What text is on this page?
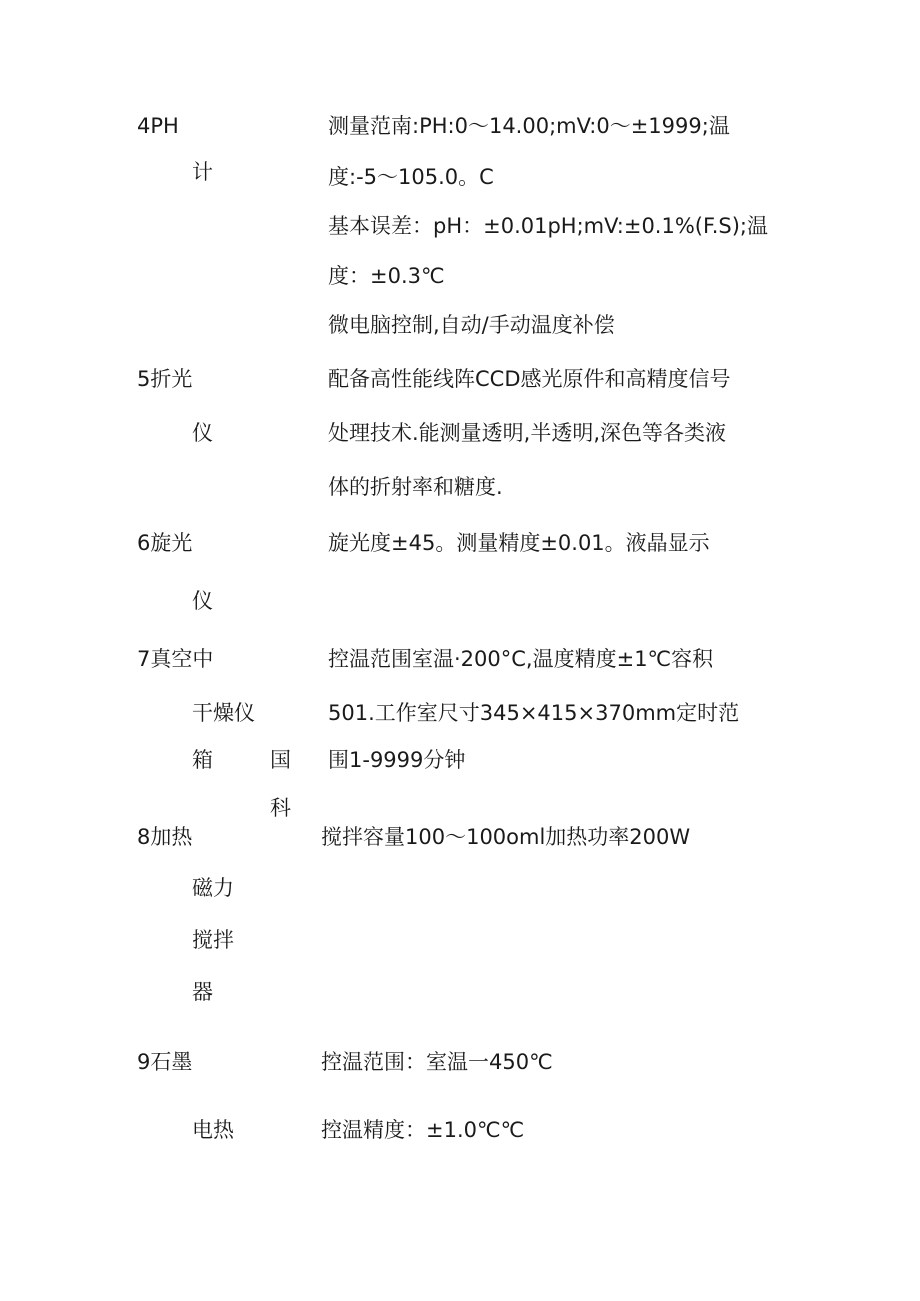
4PH
计
测量范南:PH:0～14.00;mV:0～±1999;温
度:-5～105.0。C
基本误差：pH：±0.01pH;mV:±0.1%(F.S);温
度：±0.3℃
微电脑控制,自动/手动温度补偿
5折光
仪
配备高性能线阵CCD感光原件和高精度信号
处理技术.能测量透明,半透明,深色等各类液
体的折射率和糖度.
6旋光
仪
旋光度±45。测量精度±0.01。液晶显示
7真空中
干燥仪
箱	国
科
控温范围室温·200°C,温度精度±1℃容积
501.工作室尺寸345×415×370mm定时范
围1-9999分钟
8加热
磁力
搅拌
器
搅拌容量100～100oml加热功率200W
9石墨
电热
控温范围：室温一450℃
控温精度：±1.0℃℃
